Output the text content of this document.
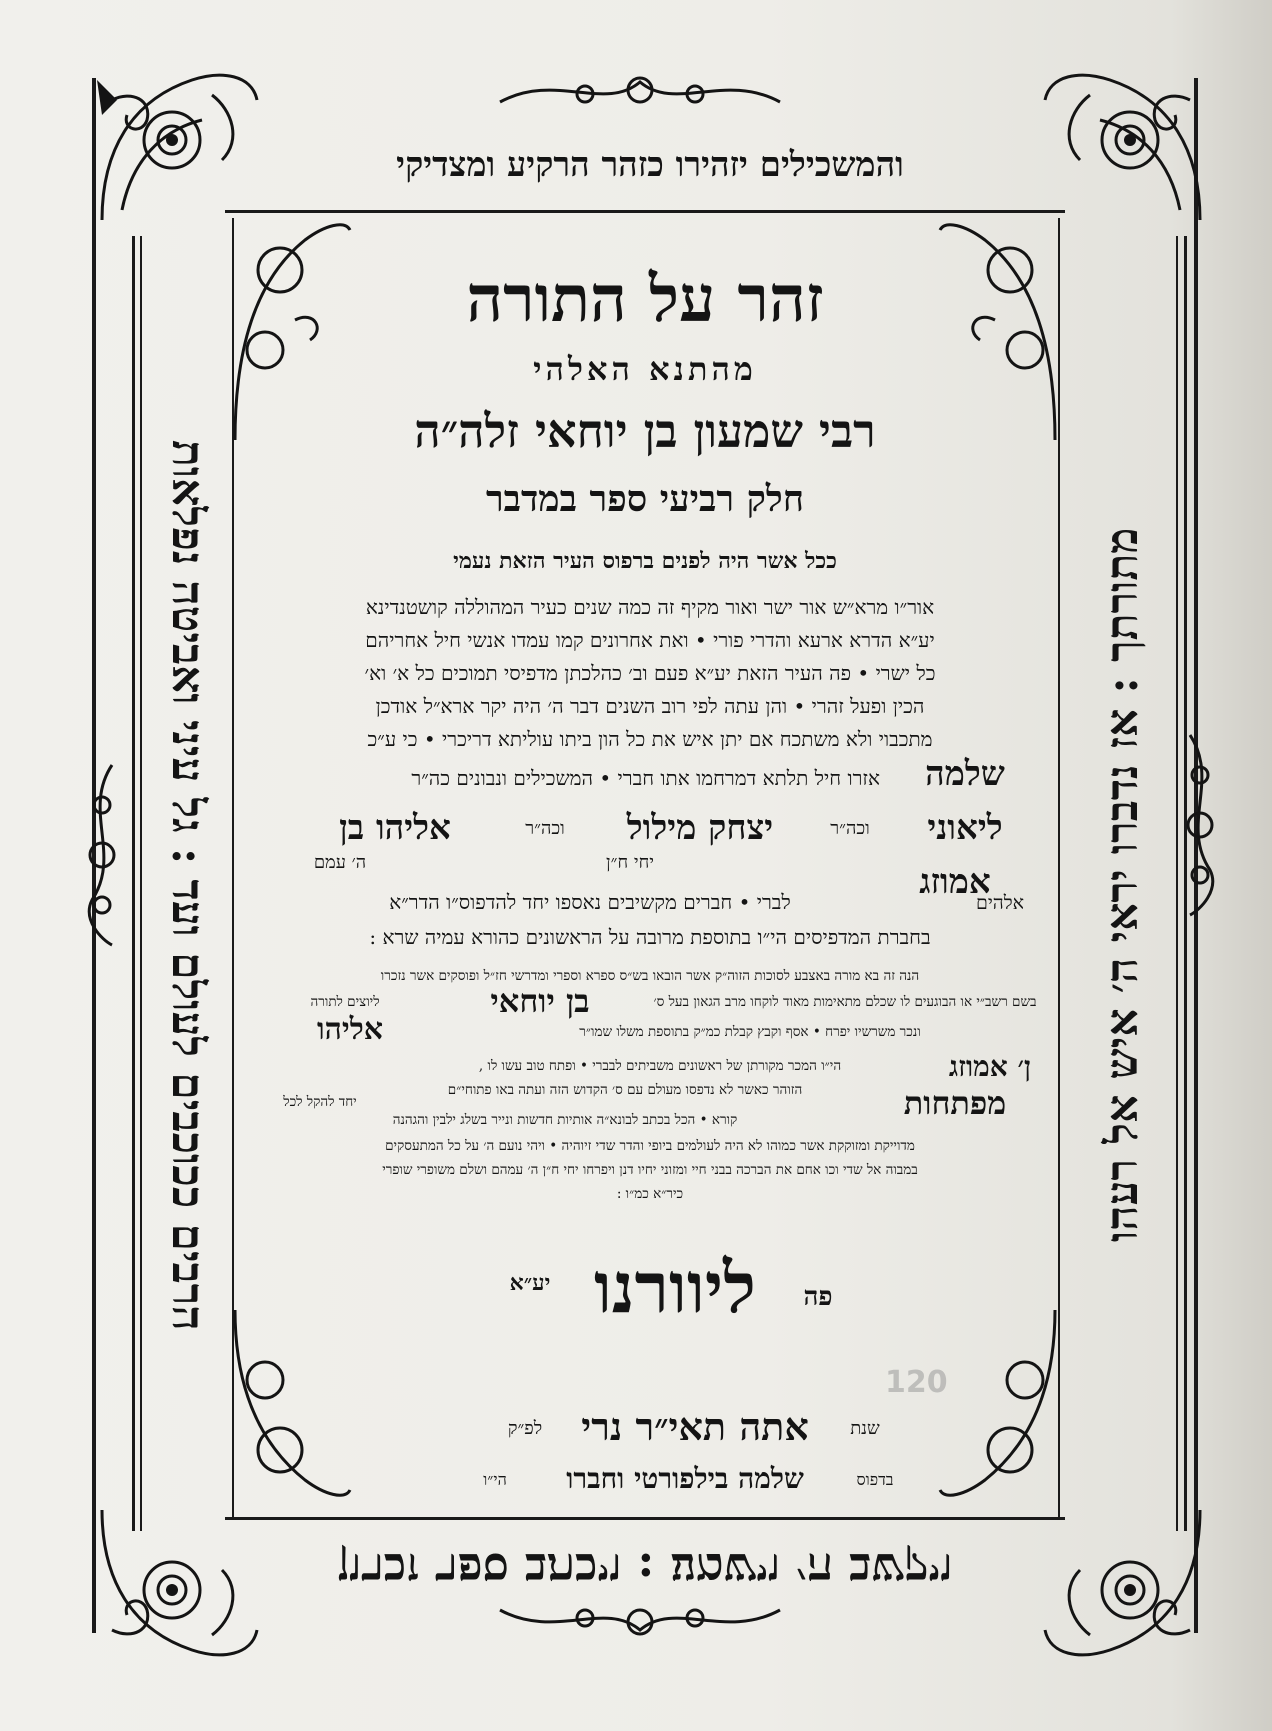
והמשכילים יזהירו כזהר הרקיע ומצדיקי
הרבים ככוכבים לעולם ועד : גל עיני ואביטה נפלאות	מתורתך : אז נדברו יראי ה׳ איש אל רעהו
ויקשב ה׳ וישמע : ויכתב ספר זכרון
זהר על התורה
מהתנא האלהי
רבי שמעון בן יוחאי זלה״ה
חלק רביעי ספר במדבר
ככל אשר היה לפנים ברפוס העיר הזאת נעמי
אור״ו מרא״ש אור ישר ואור מקיף זה כמה שנים כעיר המהוללה קושטנדינא
יע״א הדרא ארעא והדרי פורי • ואת אחרונים קמו עמדו אנשי חיל אחריהם
כל ישרי • פה העיר הזאת יע״א פעם וב׳ כהלכתן מדפיסי תמוכים כל א׳ וא׳
הכין ופעל זהרי • והן עתה לפי רוב השנים דבר ה׳ היה יקר ארא״ל אודכן
מתכבוי ולא משתכח אם יתן איש את כל הון ביתו עוליתא דריכרי • כי ע״כ
אזרו חיל תלתא דמרחמו אתו חברי • המשכילים ונבונים כה״ר	שלמה
ליאוני
וכה״ר
יצחק מילול
וכה״ר
אליהו בן
אמוזג
יחי ח״ן
ה׳ עמם
אלהים
לברי • חברים מקשיבים נאספו יחד להדפוס״ו הדר״א
בחברת המדפיסים הי״ו בתוספת מרובה על הראשונים כהורא עמיה שרא :
הנה זה בא מורה באצבע לסוכות הזוה״ק אשר הובאו בש״ס ספרא וספרי ומדרשי חז״ל ופוסקים אשר נזכרו
בשם רשב״י או הבוגעים לו שכלם מתאימות מאוד לוקחו מרב הגאון בעל ס׳
בן יוחאי
ליוצים לתורה
ונכר משרשיו יפרח • אסף וקבץ קבלת כמ״ק בתוספת משלו שמו״ר
אליהו
ן׳ אמוזג
הי״ו המכר מקורתן של ראשונים משביתים לבברי • ופתח טוב עשו לו ,
מפתחות
הזוהר כאשר לא נדפסו מעולם עם ס׳ הקדוש הזה ועתה באו פתוחי״ם
יחד להקל לכל
קורא • הכל בכתב לבונא״ה אותיות חדשות ונייר בשלג ילבין והגהנה
מדוייקת ומזוקקת אשר כמוהו לא היה לעולמים ביופי והדר שדי זיוהיה • ויהי נועם ה׳ על כל המתעסקים
במבוה אל שדי וכו אחם את הברכה בבני חיי ומזוני יחיו דנן ויפרחו יחי ח״ן ה׳ עמהם ושלם משופרי שופרי
כיר״א כמ״ו :
פה
ליוורנו
יע״א
שנת
אתה תאי״ר נרי
לפ״ק
בדפוס
שלמה בילפורטי וחברו
הי״ו
120
